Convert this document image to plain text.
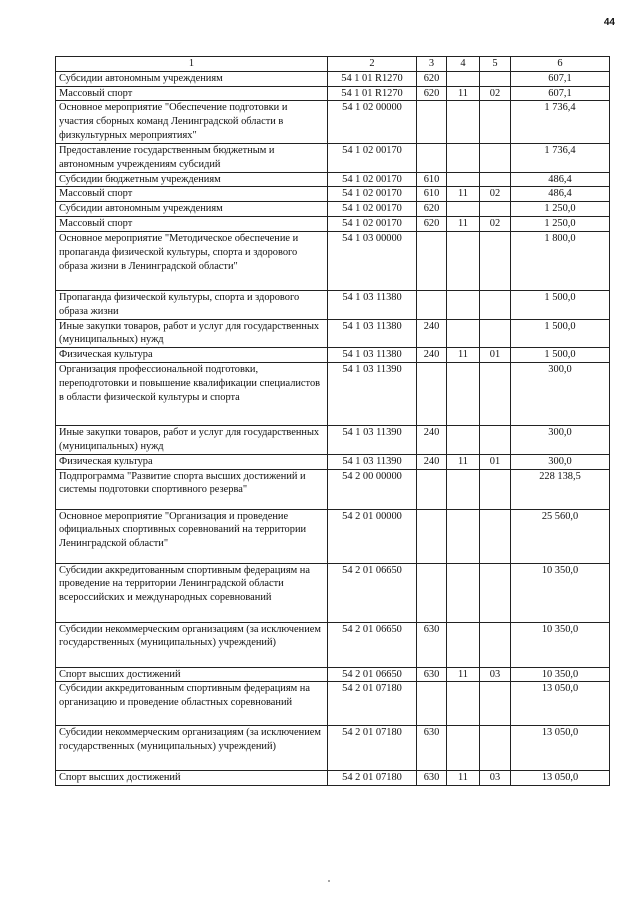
44
1	2	3	4	5	6
Субсидии автономным учреждениям	54 1 01 R1270	620			607,1
Массовый спорт	54 1 01 R1270	620	11	02	607,1
Основное мероприятие "Обеспечение подготовки и участия сборных команд Ленинградской области в физкультурных мероприятиях"	54 1 02 00000				1 736,4
Предоставление государственным бюджетным и автономным учреждениям субсидий	54 1 02 00170				1 736,4
Субсидии бюджетным учреждениям	54 1 02 00170	610			486,4
Массовый спорт	54 1 02 00170	610	11	02	486,4
Субсидии автономным учреждениям	54 1 02 00170	620			1 250,0
Массовый спорт	54 1 02 00170	620	11	02	1 250,0
Основное мероприятие "Методическое обеспечение и пропаганда физической культуры, спорта и здорового образа жизни в Ленинградской области"	54 1 03 00000				1 800,0
Пропаганда физической культуры, спорта и здорового образа жизни	54 1 03 11380				1 500,0
Иные закупки товаров, работ и услуг для государственных (муниципальных) нужд	54 1 03 11380	240			1 500,0
Физическая культура	54 1 03 11380	240	11	01	1 500,0
Организация профессиональной подготовки, переподготовки и повышение квалификации специалистов в области физической культуры и спорта	54 1 03 11390				300,0
Иные закупки товаров, работ и услуг для государственных (муниципальных) нужд	54 1 03 11390	240			300,0
Физическая культура	54 1 03 11390	240	11	01	300,0
Подпрограмма "Развитие спорта высших достижений и системы подготовки спортивного резерва"	54 2 00 00000				228 138,5
Основное мероприятие "Организация и проведение официальных спортивных соревнований на территории Ленинградской области"	54 2 01 00000				25 560,0
Субсидии аккредитованным спортивным федерациям на проведение на территории Ленинградской области всероссийских и международных соревнований	54 2 01 06650				10 350,0
Субсидии некоммерческим организациям (за исключением государственных (муниципальных) учреждений)	54 2 01 06650	630			10 350,0
Спорт высших достижений	54 2 01 06650	630	11	03	10 350,0
Субсидии аккредитованным спортивным федерациям на организацию и проведение областных соревнований	54 2 01 07180				13 050,0
Субсидии некоммерческим организациям (за исключением государственных (муниципальных) учреждений)	54 2 01 07180	630			13 050,0
Спорт высших достижений	54 2 01 07180	630	11	03	13 050,0
